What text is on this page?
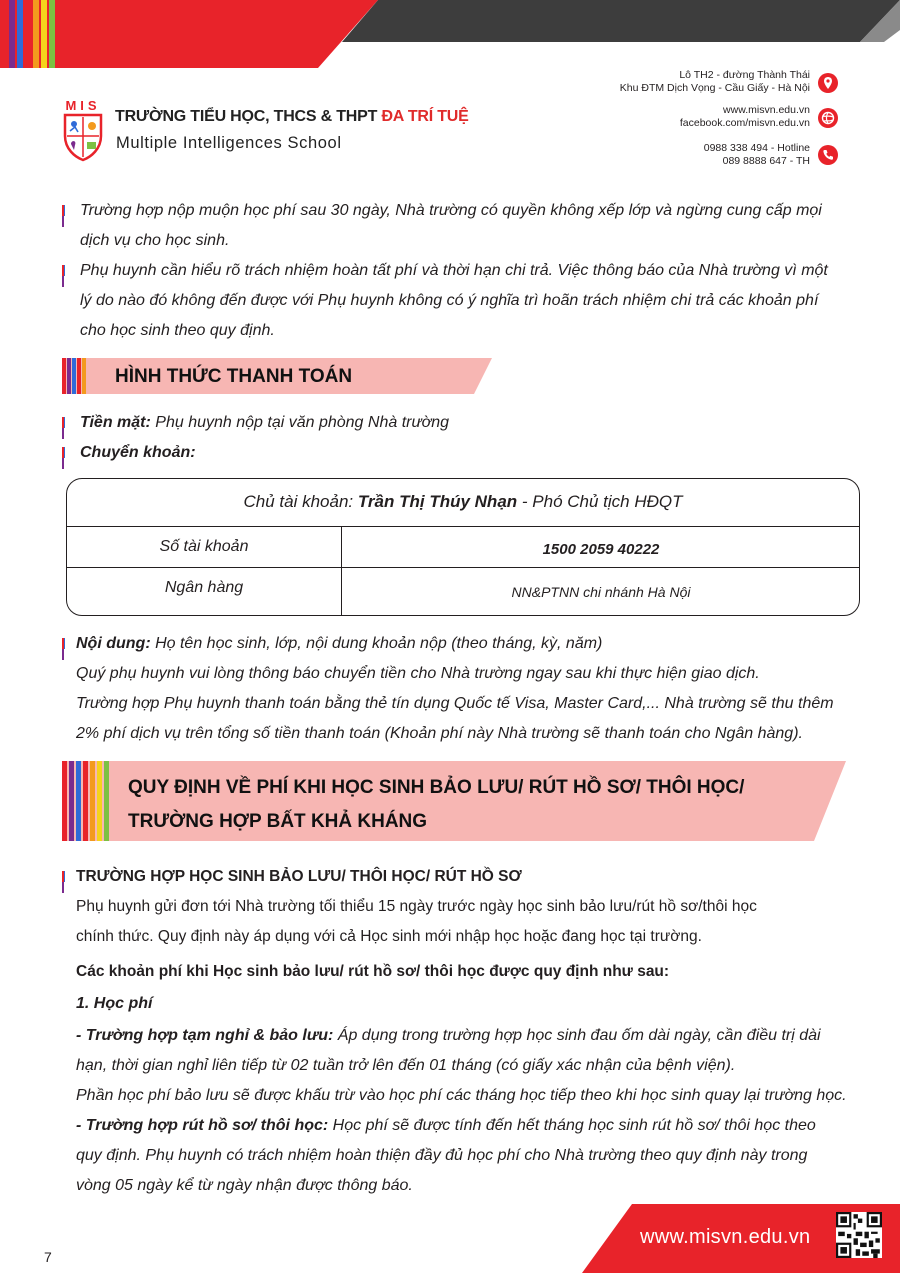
MIS
TRƯỜNG TIỂU HỌC, THCS & THPT ĐA TRÍ TUỆ
Multiple Intelligences School
Lô TH2 - đường Thành Thái
Khu ĐTM Dịch Vọng - Cầu Giấy - Hà Nội
www.misvn.edu.vn
facebook.com/misvn.edu.vn
0988 338 494 - Hotline
089 8888 647 - TH
Trường hợp nộp muộn học phí sau 30 ngày, Nhà trường có quyền không xếp lớp và ngừng cung cấp mọi
dịch vụ cho học sinh.
Phụ huynh cần hiểu rõ trách nhiệm hoàn tất phí và thời hạn chi trả. Việc thông báo của Nhà trường vì một
lý do nào đó không đến được với Phụ huynh không có ý nghĩa trì hoãn trách nhiệm chi trả các khoản phí
cho học sinh theo quy định.
HÌNH THỨC THANH TOÁN
Tiền mặt: Phụ huynh nộp tại văn phòng Nhà trường
Chuyển khoản:
Chủ tài khoản: Trần Thị Thúy Nhạn - Phó Chủ tịch HĐQT
Số tài khoản	1500 2059 40222
Ngân hàng	NN&PTNN chi nhánh Hà Nội
Nội dung: Họ tên học sinh, lớp, nội dung khoản nộp (theo tháng, kỳ, năm)
Quý phụ huynh vui lòng thông báo chuyển tiền cho Nhà trường ngay sau khi thực hiện giao dịch.
Trường hợp Phụ huynh thanh toán bằng thẻ tín dụng Quốc tế Visa, Master Card,... Nhà trường sẽ thu thêm
2% phí dịch vụ trên tổng số tiền thanh toán (Khoản phí này Nhà trường sẽ thanh toán cho Ngân hàng).
QUY ĐỊNH VỀ PHÍ KHI HỌC SINH BẢO LƯU/ RÚT HỒ SƠ/ THÔI HỌC/
TRƯỜNG HỢP BẤT KHẢ KHÁNG
TRƯỜNG HỢP HỌC SINH BẢO LƯU/ THÔI HỌC/ RÚT HỒ SƠ
Phụ huynh gửi đơn tới Nhà trường tối thiểu 15 ngày trước ngày học sinh bảo lưu/rút hồ sơ/thôi học
chính thức. Quy định này áp dụng với cả Học sinh mới nhập học hoặc đang học tại trường.
Các khoản phí khi Học sinh bảo lưu/ rút hồ sơ/ thôi học được quy định như sau:
1. Học phí
- Trường hợp tạm nghỉ & bảo lưu: Áp dụng trong trường hợp học sinh đau ốm dài ngày, cần điều trị dài
hạn, thời gian nghỉ liên tiếp từ 02 tuần trở lên đến 01 tháng (có giấy xác nhận của bệnh viện).
Phần học phí bảo lưu sẽ được khấu trừ vào học phí các tháng học tiếp theo khi học sinh quay lại trường học.
- Trường hợp rút hồ sơ/ thôi học: Học phí sẽ được tính đến hết tháng học sinh rút hồ sơ/ thôi học theo
quy định. Phụ huynh có trách nhiệm hoàn thiện đầy đủ học phí cho Nhà trường theo quy định này trong
vòng 05 ngày kể từ ngày nhận được thông báo.
www.misvn.edu.vn
7
